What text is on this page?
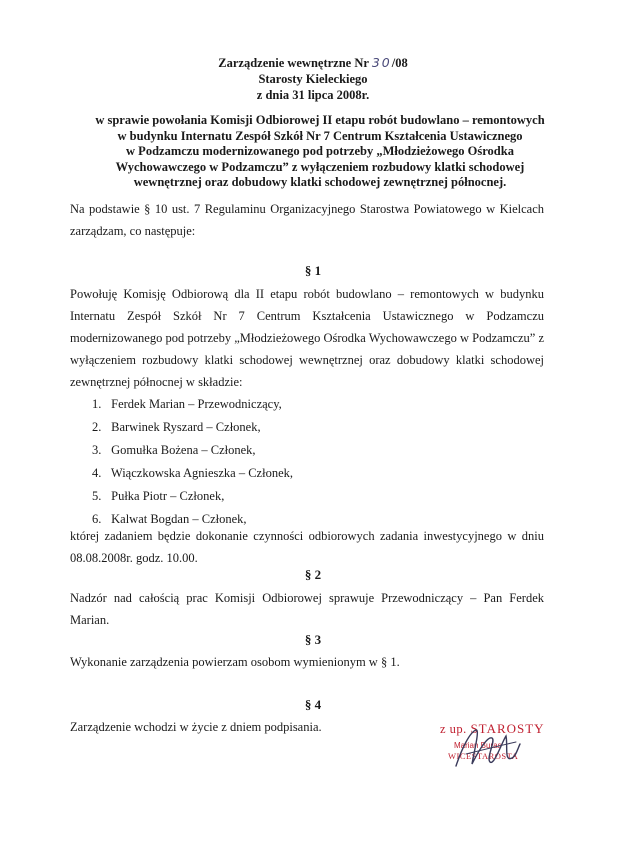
Zarządzenie wewnętrzne Nr 30/08
Starosty Kieleckiego
z dnia 31 lipca 2008r.
w sprawie powołania Komisji Odbiorowej II etapu robót budowlano – remontowych
w budynku Internatu Zespół Szkół Nr 7 Centrum Kształcenia Ustawicznego
w Podzamczu modernizowanego pod potrzeby „Młodzieżowego Ośrodka
Wychowawczego w Podzamczu” z wyłączeniem rozbudowy klatki schodowej
wewnętrznej oraz dobudowy klatki schodowej zewnętrznej północnej.
Na podstawie § 10 ust. 7 Regulaminu Organizacyjnego Starostwa Powiatowego w Kielcach zarządzam, co następuje:
§ 1
Powołuję Komisję Odbiorową dla II etapu robót budowlano – remontowych w budynku Internatu Zespół Szkół Nr 7 Centrum Kształcenia Ustawicznego w Podzamczu modernizowanego pod potrzeby „Młodzieżowego Ośrodka Wychowawczego w Podzamczu” z wyłączeniem rozbudowy klatki schodowej wewnętrznej oraz dobudowy klatki schodowej zewnętrznej północnej w składzie:
1. Ferdek Marian – Przewodniczący,
2. Barwinek Ryszard – Członek,
3. Gomułka Bożena – Członek,
4. Wiączkowska Agnieszka – Członek,
5. Pułka Piotr – Członek,
6. Kalwat Bogdan – Członek,
której zadaniem będzie dokonanie czynności odbiorowych zadania inwestycyjnego w dniu 08.08.2008r. godz. 10.00.
§ 2
Nadzór nad całością prac Komisji Odbiorowej sprawuje Przewodniczący – Pan Ferdek Marian.
§ 3
Wykonanie zarządzenia powierzam osobom wymienionym w § 1.
§ 4
Zarządzenie wchodzi w życie z dniem podpisania.	z up. STAROSTY
Marian Buras
WICESTAROSTA
